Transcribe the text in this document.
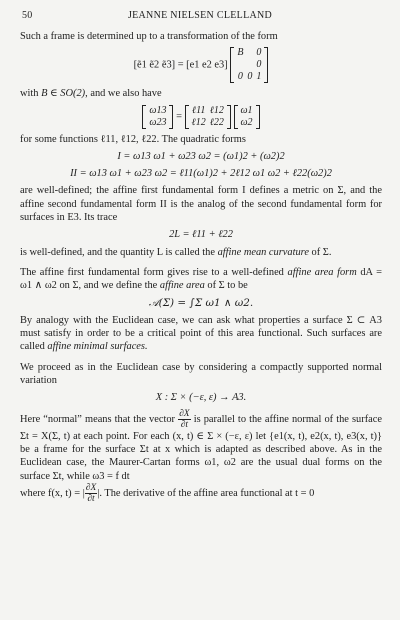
50	JEANNE NIELSEN CLELLAND

Such a frame is determined up to a transformation of the form

[ẽ1 ẽ2 ẽ3] = [e1 e2 e3]
B		0
		0
0	0	1

with B ∈ SO(2), and we also have

ω13
ω23
=
ℓ11	ℓ12
ℓ12	ℓ22

ω1
ω2

for some functions ℓ11, ℓ12, ℓ22. The quadratic forms

I = ω13 ω1 + ω23 ω2 = (ω1)2 + (ω2)2
II = ω13 ω1 + ω23 ω2 = ℓ11(ω1)2 + 2ℓ12 ω1 ω2 + ℓ22(ω2)2

are well-defined; the affine first fundamental form I defines a metric on Σ, and the affine second fundamental form II is the analog of the second fundamental form for surfaces in E3. Its trace

2L = ℓ11 + ℓ22

is well-defined, and the quantity L is called the affine mean curvature of Σ.

The affine first fundamental form gives rise to a well-defined affine area form dA = ω1 ∧ ω2 on Σ, and we define the affine area of Σ to be

𝒜(Σ) = ∫Σ ω1 ∧ ω2.

By analogy with the Euclidean case, we can ask what properties a surface Σ ⊂ A3 must satisfy in order to be a critical point of this area functional. Such surfaces are called affine minimal surfaces.

We proceed as in the Euclidean case by considering a compactly supported normal variation

X : Σ × (−ε, ε) → A3.

Here “normal” means that the vector $\frac{\partial X}{\partial t}$ is parallel to the affine normal of the surface Σt = X(Σ, t) at each point. For each (x, t) ∈ Σ × (−ε, ε) let {e1(x, t), e2(x, t), e3(x, t)} be a frame for the surface Σt at x which is adapted as described above. As in the Euclidean case, the Maurer-Cartan forms ω1, ω2 are the usual dual forms on the surface Σt, while ω3 = f dt

where f(x, t) = | $\frac{\partial X}{\partial t}$ |. The derivative of the affine area functional at t = 0
